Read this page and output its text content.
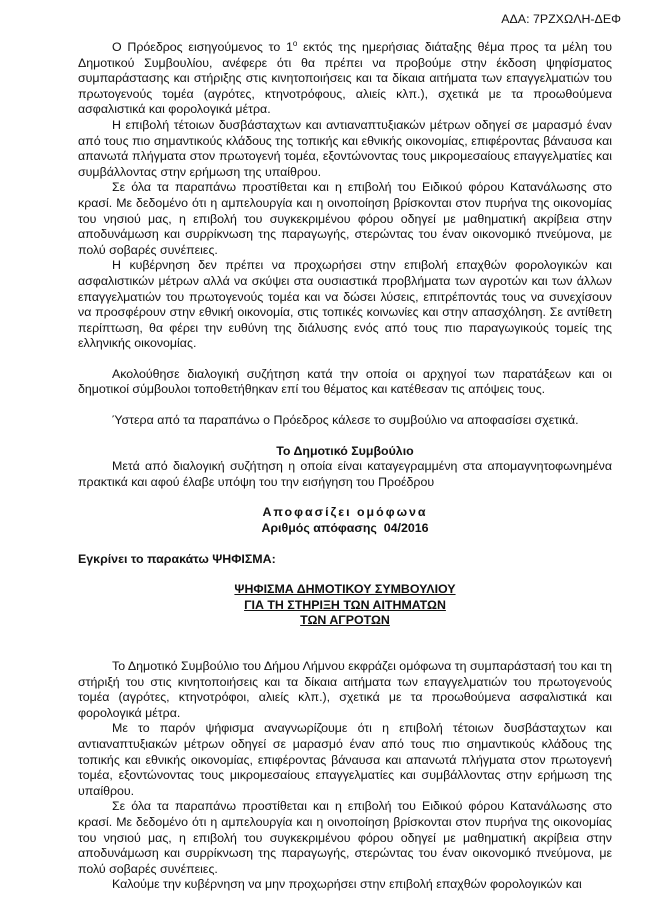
ΑΔΑ: 7ΡΖΧΩΛΗ-ΔΕΦ

Ο Πρόεδρος εισηγούμενος το $1^o$ εκτός της ημερήσιας διάταξης θέμα προς τα μέλη του Δημοτικού Συμβουλίου, ανέφερε ότι θα πρέπει να προβούμε στην έκδοση ψηφίσματος συμπαράστασης και στήριξης στις κινητοποιήσεις και τα δίκαια αιτήματα των επαγγελματιών του πρωτογενούς τομέα (αγρότες, κτηνοτρόφους, αλιείς κλπ.), σχετικά με τα προωθούμενα ασφαλιστικά και φορολογικά μέτρα.

Η επιβολή τέτοιων δυσβάσταχτων και αντιαναπτυξιακών μέτρων οδηγεί σε μαρασμό έναν από τους πιο σημαντικούς κλάδους της τοπικής και εθνικής οικονομίας, επιφέροντας βάναυσα και απανωτά πλήγματα στον πρωτογενή τομέα, εξοντώνοντας τους μικρομεσαίους επαγγελματίες και συμβάλλοντας στην ερήμωση της υπαίθρου.

Σε όλα τα παραπάνω προστίθεται και η επιβολή του Ειδικού φόρου Κατανάλωσης στο κρασί. Με δεδομένο ότι η αμπελουργία και η οινοποίηση βρίσκονται στον πυρήνα της οικονομίας του νησιού μας, η επιβολή του συγκεκριμένου φόρου οδηγεί με μαθηματική ακρίβεια στην αποδυνάμωση και συρρίκνωση της παραγωγής, στερώντας του έναν οικονομικό πνεύμονα, με πολύ σοβαρές συνέπειες.

Η κυβέρνηση δεν πρέπει να προχωρήσει στην επιβολή επαχθών φορολογικών και ασφαλιστικών μέτρων αλλά να σκύψει στα ουσιαστικά προβλήματα των αγροτών και των άλλων επαγγελματιών του πρωτογενούς τομέα και να δώσει λύσεις, επιτρέποντάς τους να συνεχίσουν να προσφέρουν στην εθνική οικονομία, στις τοπικές κοινωνίες και στην απασχόληση. Σε αντίθετη περίπτωση, θα φέρει την ευθύνη της διάλυσης ενός από τους πιο παραγωγικούς τομείς της ελληνικής οικονομίας.

Ακολούθησε διαλογική συζήτηση κατά την οποία οι αρχηγοί των παρατάξεων και οι δημοτικοί σύμβουλοι τοποθετήθηκαν επί του θέματος και κατέθεσαν τις απόψεις τους.

Ύστερα από τα παραπάνω ο Πρόεδρος κάλεσε το συμβούλιο να αποφασίσει σχετικά.

Το Δημοτικό Συμβούλιο

Μετά από διαλογική συζήτηση η οποία είναι καταγεγραμμένη στα απομαγνητοφωνημένα πρακτικά και αφού έλαβε υπόψη του την εισήγηση του Προέδρου

Αποφασίζει ομόφωνα

Αριθμός απόφασης  04/2016

Εγκρίνει το παρακάτω ΨΗΦΙΣΜΑ:

ΨΗΦΙΣΜΑ ΔΗΜΟΤΙΚΟΥ ΣΥΜΒΟΥΛΙΟΥ

ΓΙΑ ΤΗ ΣΤΗΡΙΞΗ ΤΩΝ ΑΙΤΗΜΑΤΩΝ

ΤΩΝ ΑΓΡΟΤΩΝ

Το Δημοτικό Συμβούλιο του Δήμου Λήμνου εκφράζει ομόφωνα τη συμπαράστασή του και τη στήριξή του στις κινητοποιήσεις και τα δίκαια αιτήματα των επαγγελματιών του πρωτογενούς τομέα (αγρότες, κτηνοτρόφοι, αλιείς κλπ.), σχετικά με τα προωθούμενα ασφαλιστικά και φορολογικά μέτρα.

Με το παρόν ψήφισμα αναγνωρίζουμε ότι η επιβολή τέτοιων δυσβάσταχτων και αντιαναπτυξιακών μέτρων οδηγεί σε μαρασμό έναν από τους πιο σημαντικούς κλάδους της τοπικής και εθνικής οικονομίας, επιφέροντας βάναυσα και απανωτά πλήγματα στον πρωτογενή τομέα, εξοντώνοντας τους μικρομεσαίους επαγγελματίες και συμβάλλοντας στην ερήμωση της υπαίθρου.

Σε όλα τα παραπάνω προστίθεται και η επιβολή του Ειδικού φόρου Κατανάλωσης στο κρασί. Με δεδομένο ότι η αμπελουργία και η οινοποίηση βρίσκονται στον πυρήνα της οικονομίας του νησιού μας, η επιβολή του συγκεκριμένου φόρου οδηγεί με μαθηματική ακρίβεια στην αποδυνάμωση και συρρίκνωση της παραγωγής, στερώντας του έναν οικονομικό πνεύμονα, με πολύ σοβαρές συνέπειες.

Καλούμε την κυβέρνηση να μην προχωρήσει στην επιβολή επαχθών φορολογικών και
